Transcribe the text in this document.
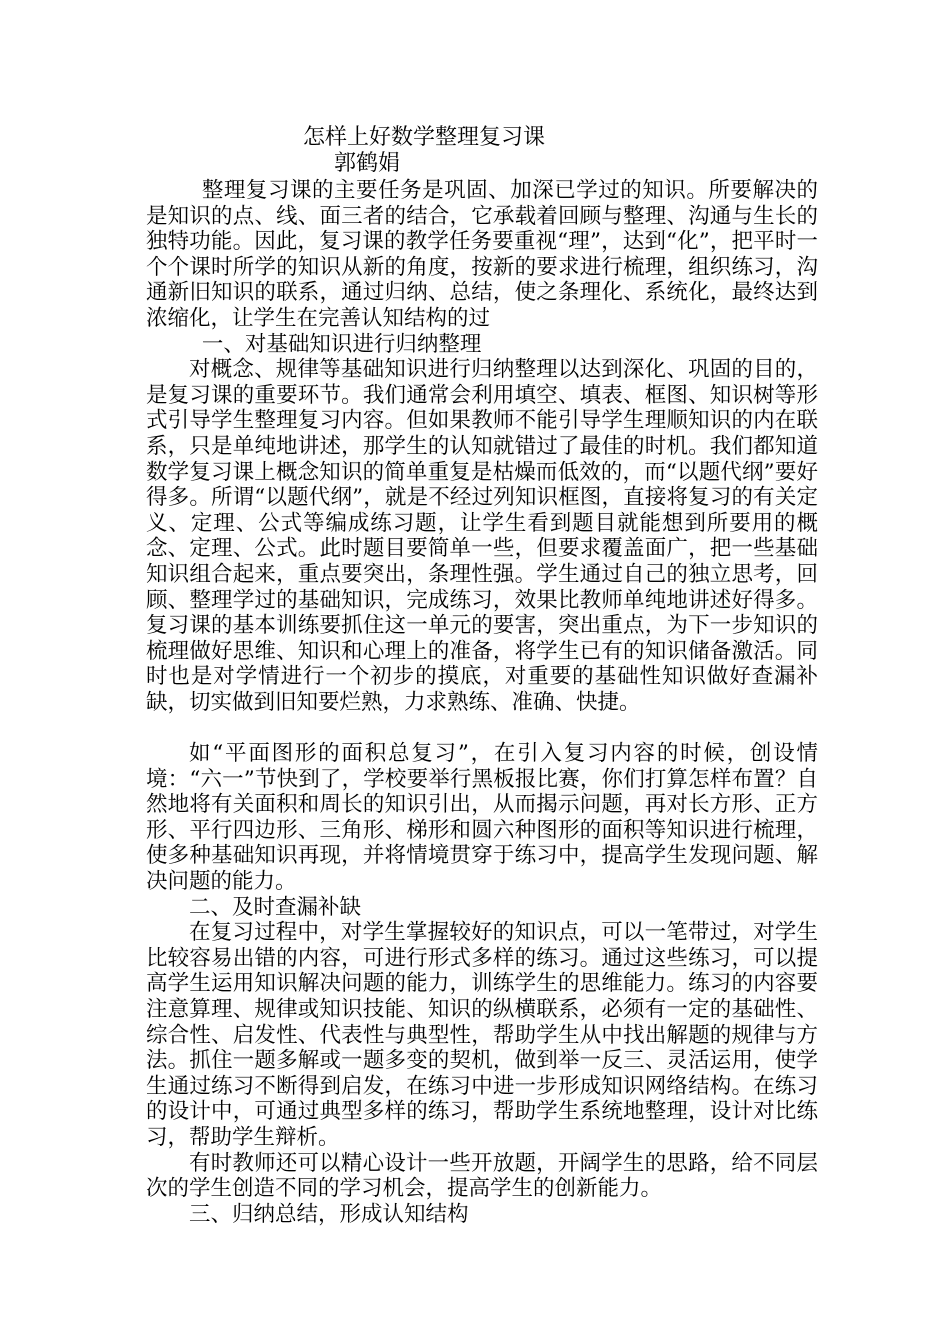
怎样上好数学整理复习课
郭鹤娟

整理复习课的主要任务是巩固、加深已学过的知识。所要解决的是知识的点、线、面三者的结合，它承载着回顾与整理、沟通与生长的独特功能。因此，复习课的教学任务要重视“理”，达到“化”，把平时一个个课时所学的知识从新的角度，按新的要求进行梳理，组织练习，沟通新旧知识的联系，通过归纳、总结，使之条理化、系统化，最终达到浓缩化，让学生在完善认知结构的过

一、对基础知识进行归纳整理

对概念、规律等基础知识进行归纳整理以达到深化、巩固的目的，是复习课的重要环节。我们通常会利用填空、填表、框图、知识树等形式引导学生整理复习内容。但如果教师不能引导学生理顺知识的内在联系，只是单纯地讲述，那学生的认知就错过了最佳的时机。我们都知道数学复习课上概念知识的简单重复是枯燥而低效的，而“以题代纲”要好得多。所谓“以题代纲”，就是不经过列知识框图，直接将复习的有关定义、定理、公式等编成练习题，让学生看到题目就能想到所要用的概念、定理、公式。此时题目要简单一些，但要求覆盖面广，把一些基础知识组合起来，重点要突出，条理性强。学生通过自己的独立思考，回顾、整理学过的基础知识，完成练习，效果比教师单纯地讲述好得多。复习课的基本训练要抓住这一单元的要害，突出重点，为下一步知识的梳理做好思维、知识和心理上的准备，将学生已有的知识储备激活。同时也是对学情进行一个初步的摸底，对重要的基础性知识做好查漏补缺，切实做到旧知要烂熟，力求熟练、准确、快捷。

如“平面图形的面积总复习”，在引入复习内容的时候，创设情境：“六一”节快到了，学校要举行黑板报比赛，你们打算怎样布置？自然地将有关面积和周长的知识引出，从而揭示问题，再对长方形、正方形、平行四边形、三角形、梯形和圆六种图形的面积等知识进行梳理，使多种基础知识再现，并将情境贯穿于练习中，提高学生发现问题、解决问题的能力。

二、及时查漏补缺

在复习过程中，对学生掌握较好的知识点，可以一笔带过，对学生比较容易出错的内容，可进行形式多样的练习。通过这些练习，可以提高学生运用知识解决问题的能力，训练学生的思维能力。练习的内容要注意算理、规律或知识技能、知识的纵横联系，必须有一定的基础性、综合性、启发性、代表性与典型性，帮助学生从中找出解题的规律与方法。抓住一题多解或一题多变的契机，做到举一反三、灵活运用，使学生通过练习不断得到启发，在练习中进一步形成知识网络结构。在练习的设计中，可通过典型多样的练习，帮助学生系统地整理，设计对比练习，帮助学生辩析。

有时教师还可以精心设计一些开放题，开阔学生的思路，给不同层次的学生创造不同的学习机会，提高学生的创新能力。

三、归纳总结，形成认知结构
